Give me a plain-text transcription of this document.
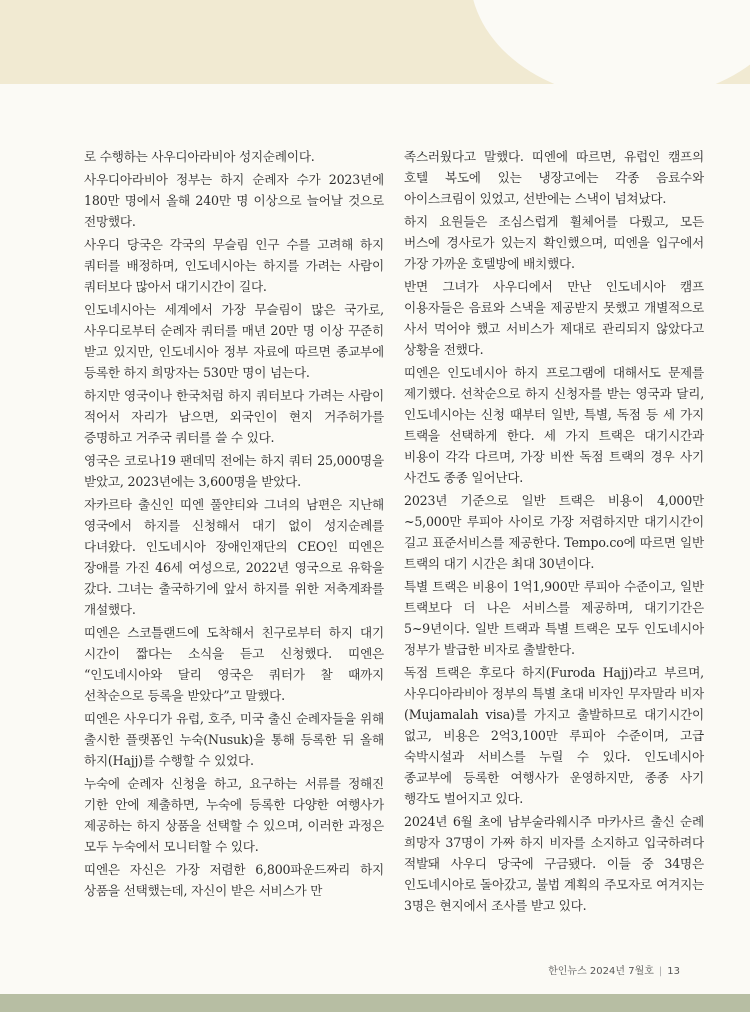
로 수행하는 사우디아라비아 성지순례이다.

사우디아라비아 정부는 하지 순례자 수가 2023년에 180만 명에서 올해 240만 명 이상으로 늘어날 것으로 전망했다.

사우디 당국은 각국의 무슬림 인구 수를 고려해 하지 쿼터를 배정하며, 인도네시아는 하지를 가려는 사람이 쿼터보다 많아서 대기시간이 길다.

인도네시아는 세계에서 가장 무슬림이 많은 국가로, 사우디로부터 순례자 쿼터를 매년 20만 명 이상 꾸준히 받고 있지만, 인도네시아 정부 자료에 따르면 종교부에 등록한 하지 희망자는 530만 명이 넘는다.

하지만 영국이나 한국처럼 하지 쿼터보다 가려는 사람이 적어서 자리가 남으면, 외국인이 현지 거주허가를 증명하고 거주국 쿼터를 쓸 수 있다.

영국은 코로나19 팬데믹 전에는 하지 쿼터 25,000명을 받았고, 2023년에는 3,600명을 받았다.

자카르타 출신인 띠엔 풀얀티와 그녀의 남편은 지난해 영국에서 하지를 신청해서 대기 없이 성지순례를 다녀왔다. 인도네시아 장애인재단의 CEO인 띠엔은 장애를 가진 46세 여성으로, 2022년 영국으로 유학을 갔다. 그녀는 출국하기에 앞서 하지를 위한 저축계좌를 개설했다.

띠엔은 스코틀랜드에 도착해서 친구로부터 하지 대기 시간이 짧다는 소식을 듣고 신청했다. 띠엔은 “인도네시아와 달리 영국은 쿼터가 찰 때까지 선착순으로 등록을 받았다”고 말했다.

띠엔은 사우디가 유럽, 호주, 미국 출신 순례자들을 위해 출시한 플랫폼인 누숙(Nusuk)을 통해 등록한 뒤 올해 하지(Hajj)를 수행할 수 있었다.

누숙에 순례자 신청을 하고, 요구하는 서류를 정해진 기한 안에 제출하면, 누숙에 등록한 다양한 여행사가 제공하는 하지 상품을 선택할 수 있으며, 이러한 과정은 모두 누숙에서 모니터할 수 있다.

띠엔은 자신은 가장 저렴한 6,800파운드짜리 하지 상품을 선택했는데, 자신이 받은 서비스가 만

족스러웠다고 말했다. 띠엔에 따르면, 유럽인 캠프의 호텔 복도에 있는 냉장고에는 각종 음료수와 아이스크림이 있었고, 선반에는 스낵이 넘쳐났다.

하지 요원들은 조심스럽게 휠체어를 다뤘고, 모든 버스에 경사로가 있는지 확인했으며, 띠엔을 입구에서 가장 가까운 호텔방에 배치했다.

반면 그녀가 사우디에서 만난 인도네시아 캠프 이용자들은 음료와 스낵을 제공받지 못했고 개별적으로 사서 먹어야 했고 서비스가 제대로 관리되지 않았다고 상황을 전했다.

띠엔은 인도네시아 하지 프로그램에 대해서도 문제를 제기했다. 선착순으로 하지 신청자를 받는 영국과 달리, 인도네시아는 신청 때부터 일반, 특별, 독점 등 세 가지 트랙을 선택하게 한다. 세 가지 트랙은 대기시간과 비용이 각각 다르며, 가장 비싼 독점 트랙의 경우 사기 사건도 종종 일어난다.

2023년 기준으로 일반 트랙은 비용이 4,000만~5,000만 루피아 사이로 가장 저렴하지만 대기시간이 길고 표준서비스를 제공한다. Tempo.co에 따르면 일반 트랙의 대기 시간은 최대 30년이다.

특별 트랙은 비용이 1억1,900만 루피아 수준이고, 일반 트랙보다 더 나은 서비스를 제공하며, 대기기간은 5~9년이다. 일반 트랙과 특별 트랙은 모두 인도네시아 정부가 발급한 비자로 출발한다.

독점 트랙은 후로다 하지(Furoda Hajj)라고 부르며, 사우디아라비아 정부의 특별 초대 비자인 무자말라 비자(Mujamalah visa)를 가지고 출발하므로 대기시간이 없고, 비용은 2억3,100만 루피아 수준이며, 고급 숙박시설과 서비스를 누릴 수 있다. 인도네시아 종교부에 등록한 여행사가 운영하지만, 종종 사기 행각도 벌어지고 있다.

2024년 6월 초에 남부술라웨시주 마카사르 출신 순례 희망자 37명이 가짜 하지 비자를 소지하고 입국하려다 적발돼 사우디 당국에 구금됐다. 이들 중 34명은 인도네시아로 돌아갔고, 불법 계획의 주모자로 여겨지는 3명은 현지에서 조사를 받고 있다.

한인뉴스 2024년 7월호 | 13
